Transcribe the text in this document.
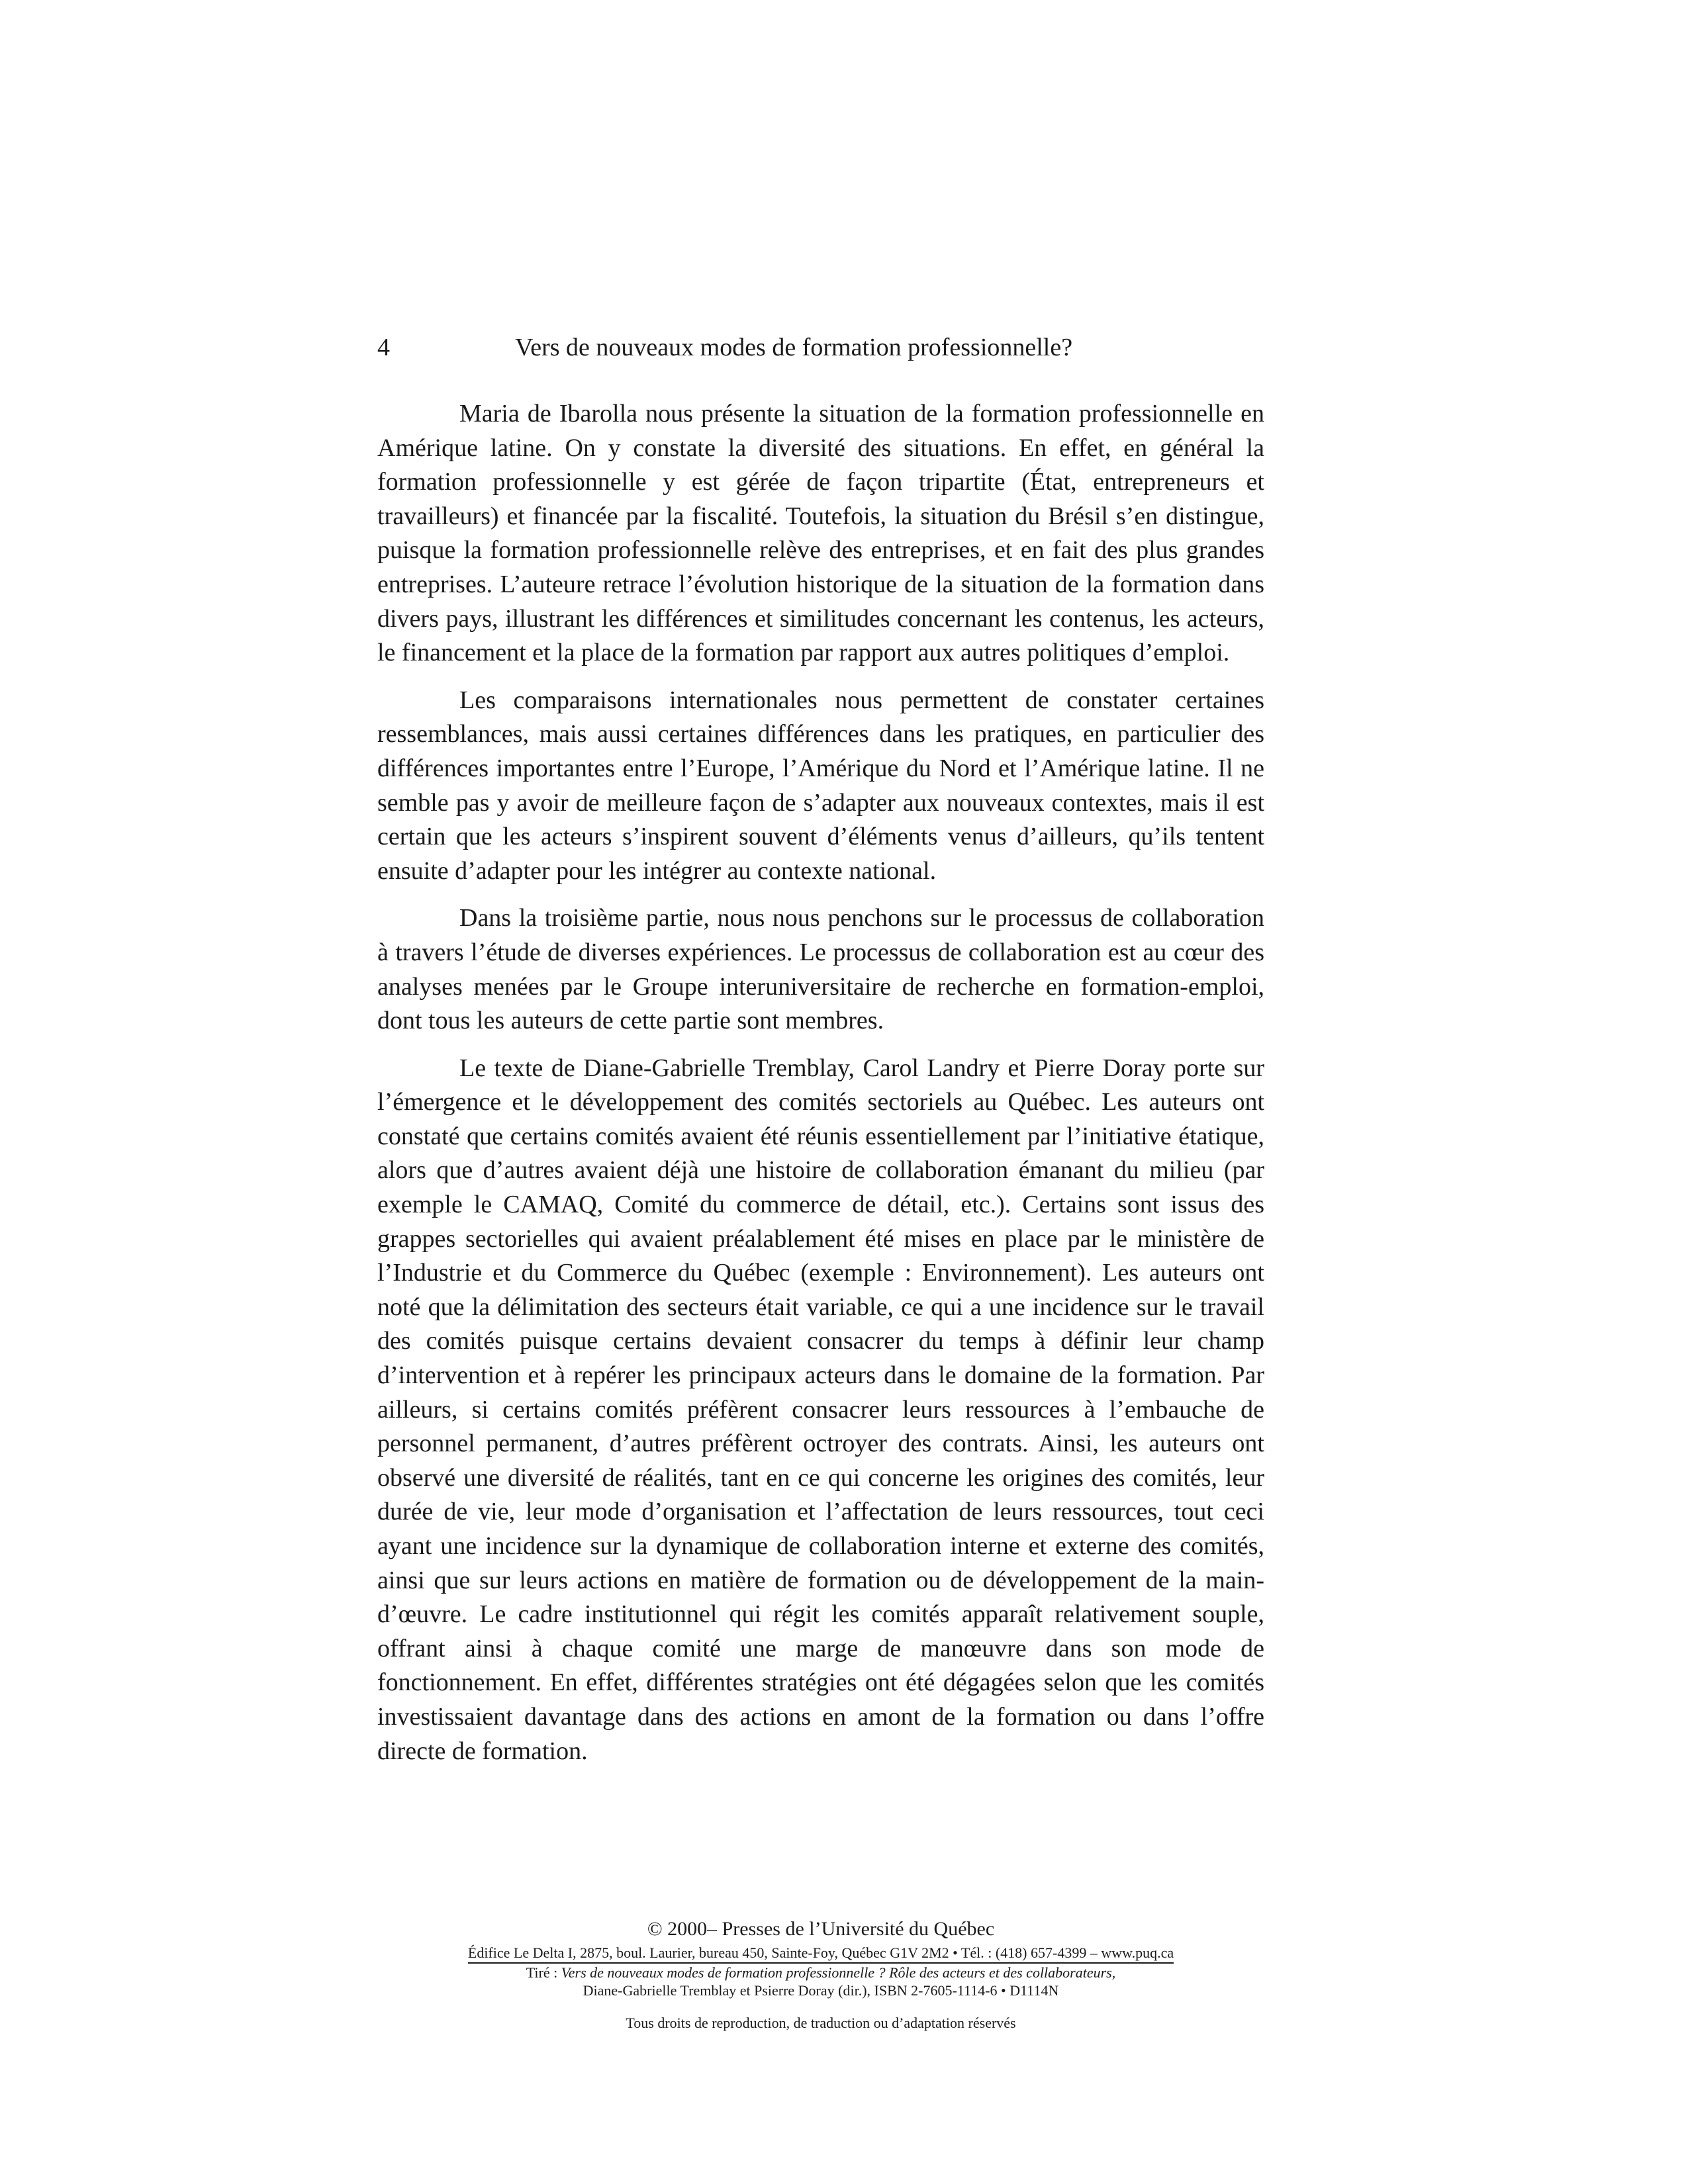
4	Vers de nouveaux modes de formation professionnelle?

Maria de Ibarolla nous présente la situation de la formation professionnelle en Amérique latine. On y constate la diversité des situations. En effet, en général la formation professionnelle y est gérée de façon tripartite (État, entrepreneurs et travailleurs) et financée par la fiscalité. Toutefois, la situation du Brésil s’en distingue, puisque la formation professionnelle relève des entreprises, et en fait des plus grandes entreprises. L’auteure retrace l’évolution historique de la situation de la formation dans divers pays, illustrant les différences et similitudes concernant les contenus, les acteurs, le financement et la place de la formation par rapport aux autres politiques d’emploi.

Les comparaisons internationales nous permettent de constater certaines ressemblances, mais aussi certaines différences dans les pratiques, en particulier des différences importantes entre l’Europe, l’Amérique du Nord et l’Amérique latine. Il ne semble pas y avoir de meilleure façon de s’adapter aux nouveaux contextes, mais il est certain que les acteurs s’inspirent souvent d’éléments venus d’ailleurs, qu’ils tentent ensuite d’adapter pour les intégrer au contexte national.

Dans la troisième partie, nous nous penchons sur le processus de collaboration à travers l’étude de diverses expériences. Le processus de collaboration est au cœur des analyses menées par le Groupe interuniversitaire de recherche en formation-emploi, dont tous les auteurs de cette partie sont membres.

Le texte de Diane-Gabrielle Tremblay, Carol Landry et Pierre Doray porte sur l’émergence et le développement des comités sectoriels au Québec. Les auteurs ont constaté que certains comités avaient été réunis essentiellement par l’initiative étatique, alors que d’autres avaient déjà une histoire de collaboration émanant du milieu (par exemple le CAMAQ, Comité du commerce de détail, etc.). Certains sont issus des grappes sectorielles qui avaient préalablement été mises en place par le ministère de l’Industrie et du Commerce du Québec (exemple : Environnement). Les auteurs ont noté que la délimitation des secteurs était variable, ce qui a une incidence sur le travail des comités puisque certains devaient consacrer du temps à définir leur champ d’intervention et à repérer les principaux acteurs dans le domaine de la formation. Par ailleurs, si certains comités préfèrent consacrer leurs ressources à l’embauche de personnel permanent, d’autres préfèrent octroyer des contrats. Ainsi, les auteurs ont observé une diversité de réalités, tant en ce qui concerne les origines des comités, leur durée de vie, leur mode d’organisation et l’affectation de leurs ressources, tout ceci ayant une incidence sur la dynamique de collaboration interne et externe des comités, ainsi que sur leurs actions en matière de formation ou de développement de la main-d’œuvre. Le cadre institutionnel qui régit les comités apparaît relativement souple, offrant ainsi à chaque comité une marge de manœuvre dans son mode de fonctionnement. En effet, différentes stratégies ont été dégagées selon que les comités investissaient davantage dans des actions en amont de la formation ou dans l’offre directe de formation.

© 2000– Presses de l’Université du Québec

Édifice Le Delta I, 2875, boul. Laurier, bureau 450, Sainte-Foy, Québec G1V 2M2 • Tél. : (418) 657-4399 – www.puq.ca

Tiré : Vers de nouveaux modes de formation professionnelle ? Rôle des acteurs et des collaborateurs,

Diane-Gabrielle Tremblay et Psierre Doray (dir.), ISBN 2-7605-1114-6 • D1114N

Tous droits de reproduction, de traduction ou d’adaptation réservés
